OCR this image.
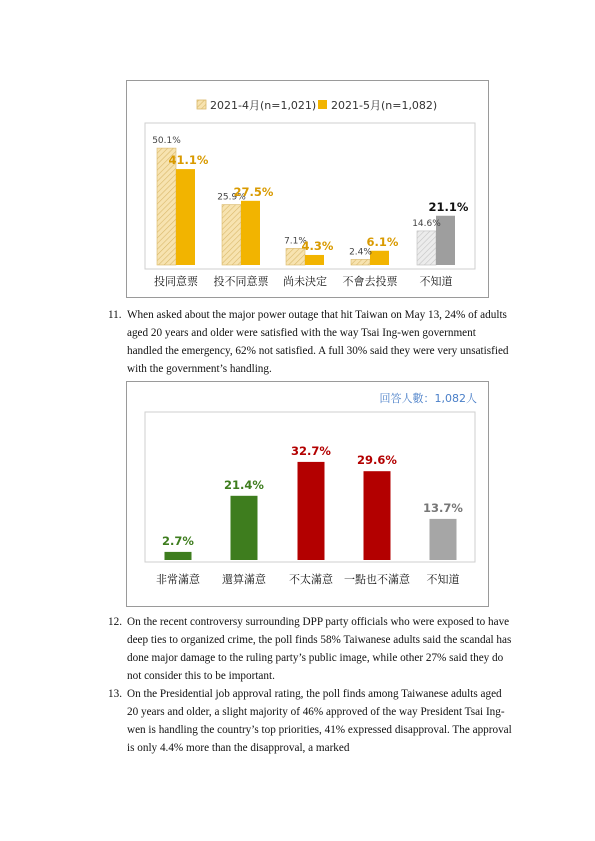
2021-4月(n=1,021) 2021-5月(n=1,082)
50.1%
41.1%
投同意票
25.9%
27.5%
投不同意票
7.1%
4.3%
尚未決定
2.4%
6.1%
不會去投票
14.6%
21.1%
不知道
11. When asked about the major power outage that hit Taiwan on May 13, 24% of adults aged 20 years and older were satisfied with the way Tsai Ing-wen government handled the emergency, 62% not satisfied. A full 30% said they were very unsatisfied with the government’s handling.
回答人數：1,082人
2.7%
非常滿意
21.4%
還算滿意
32.7%
不太滿意
29.6%
一點也不滿意
13.7%
不知道
12. On the recent controversy surrounding DPP party officials who were exposed to have deep ties to organized crime, the poll finds 58% Taiwanese adults said the scandal has done major damage to the ruling party’s public image, while other 27% said they do not consider this to be important.
13. On the Presidential job approval rating, the poll finds among Taiwanese adults aged 20 years and older, a slight majority of 46% approved of the way President Tsai Ing-wen is handling the country’s top priorities, 41% expressed disapproval. The approval is only 4.4% more than the disapproval, a marked
